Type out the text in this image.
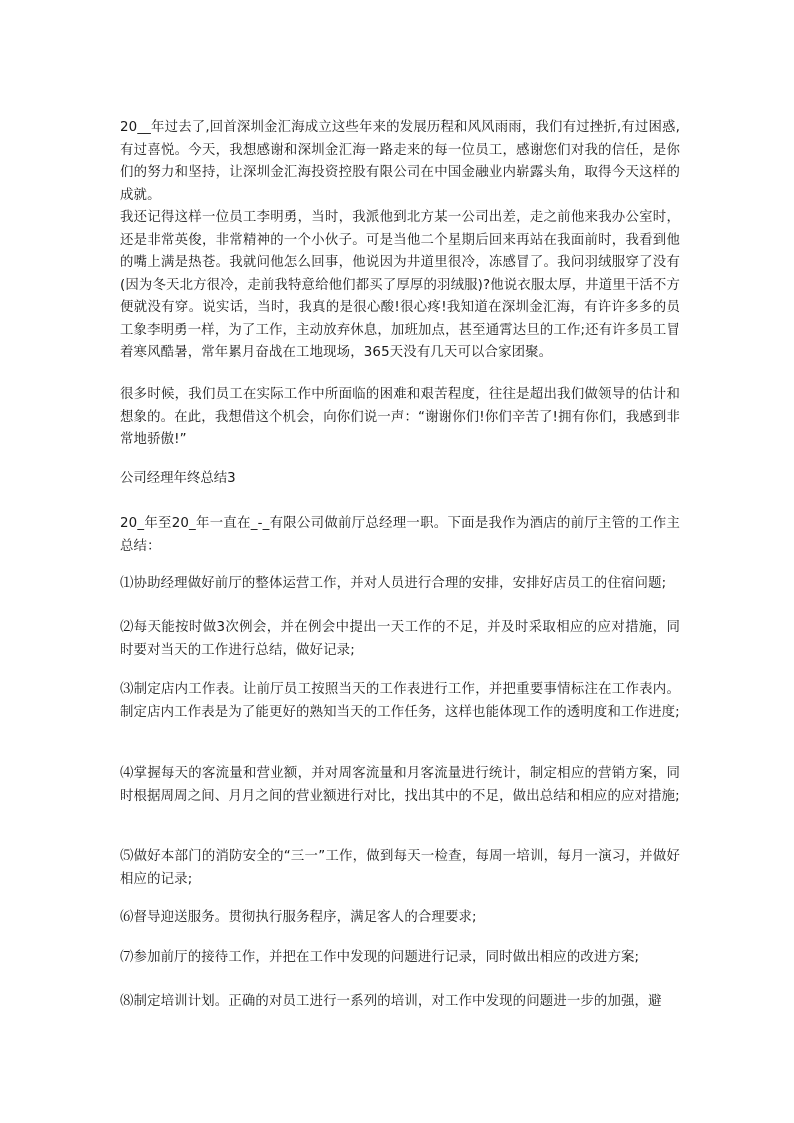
20__年过去了,回首深圳金汇海成立这些年来的发展历程和风风雨雨，我们有过挫折,有过困惑,有过喜悦。今天，我想感谢和深圳金汇海一路走来的每一位员工，感谢您们对我的信任，是你们的努力和坚持，让深圳金汇海投资控股有限公司在中国金融业内崭露头角，取得今天这样的成就。

我还记得这样一位员工李明勇，当时，我派他到北方某一公司出差，走之前他来我办公室时，还是非常英俊，非常精神的一个小伙子。可是当他二个星期后回来再站在我面前时，我看到他的嘴上满是热苍。我就问他怎么回事，他说因为井道里很冷，冻感冒了。我问羽绒服穿了没有(因为冬天北方很冷，走前我特意给他们都买了厚厚的羽绒服)?他说衣服太厚，井道里干活不方便就没有穿。说实话，当时，我真的是很心酸!很心疼!我知道在深圳金汇海，有许许多多的员工象李明勇一样，为了工作，主动放弃休息，加班加点，甚至通霄达旦的工作;还有许多员工冒着寒风酷暑，常年累月奋战在工地现场，365天没有几天可以合家团聚。

很多时候，我们员工在实际工作中所面临的困难和艰苦程度，往往是超出我们做领导的估计和想象的。在此，我想借这个机会，向你们说一声：“谢谢你们!你们辛苦了!拥有你们，我感到非常地骄傲!”

公司经理年终总结3

20_年至20_年一直在_-_有限公司做前厅总经理一职。下面是我作为酒店的前厅主管的工作主总结：

⑴协助经理做好前厅的整体运营工作，并对人员进行合理的安排，安排好店员工的住宿问题;

⑵每天能按时做3次例会，并在例会中提出一天工作的不足，并及时采取相应的应对措施，同时要对当天的工作进行总结，做好记录;

⑶制定店内工作表。让前厅员工按照当天的工作表进行工作，并把重要事情标注在工作表内。制定店内工作表是为了能更好的熟知当天的工作任务，这样也能体现工作的透明度和工作进度;

⑷掌握每天的客流量和营业额，并对周客流量和月客流量进行统计，制定相应的营销方案，同时根据周周之间、月月之间的营业额进行对比，找出其中的不足，做出总结和相应的应对措施;

⑸做好本部门的消防安全的“三一”工作，做到每天一检查，每周一培训，每月一演习，并做好相应的记录;

⑹督导迎送服务。贯彻执行服务程序，满足客人的合理要求;

⑺参加前厅的接待工作，并把在工作中发现的问题进行记录，同时做出相应的改进方案;

⑻制定培训计划。正确的对员工进行一系列的培训，对工作中发现的问题进一步的加强，避
